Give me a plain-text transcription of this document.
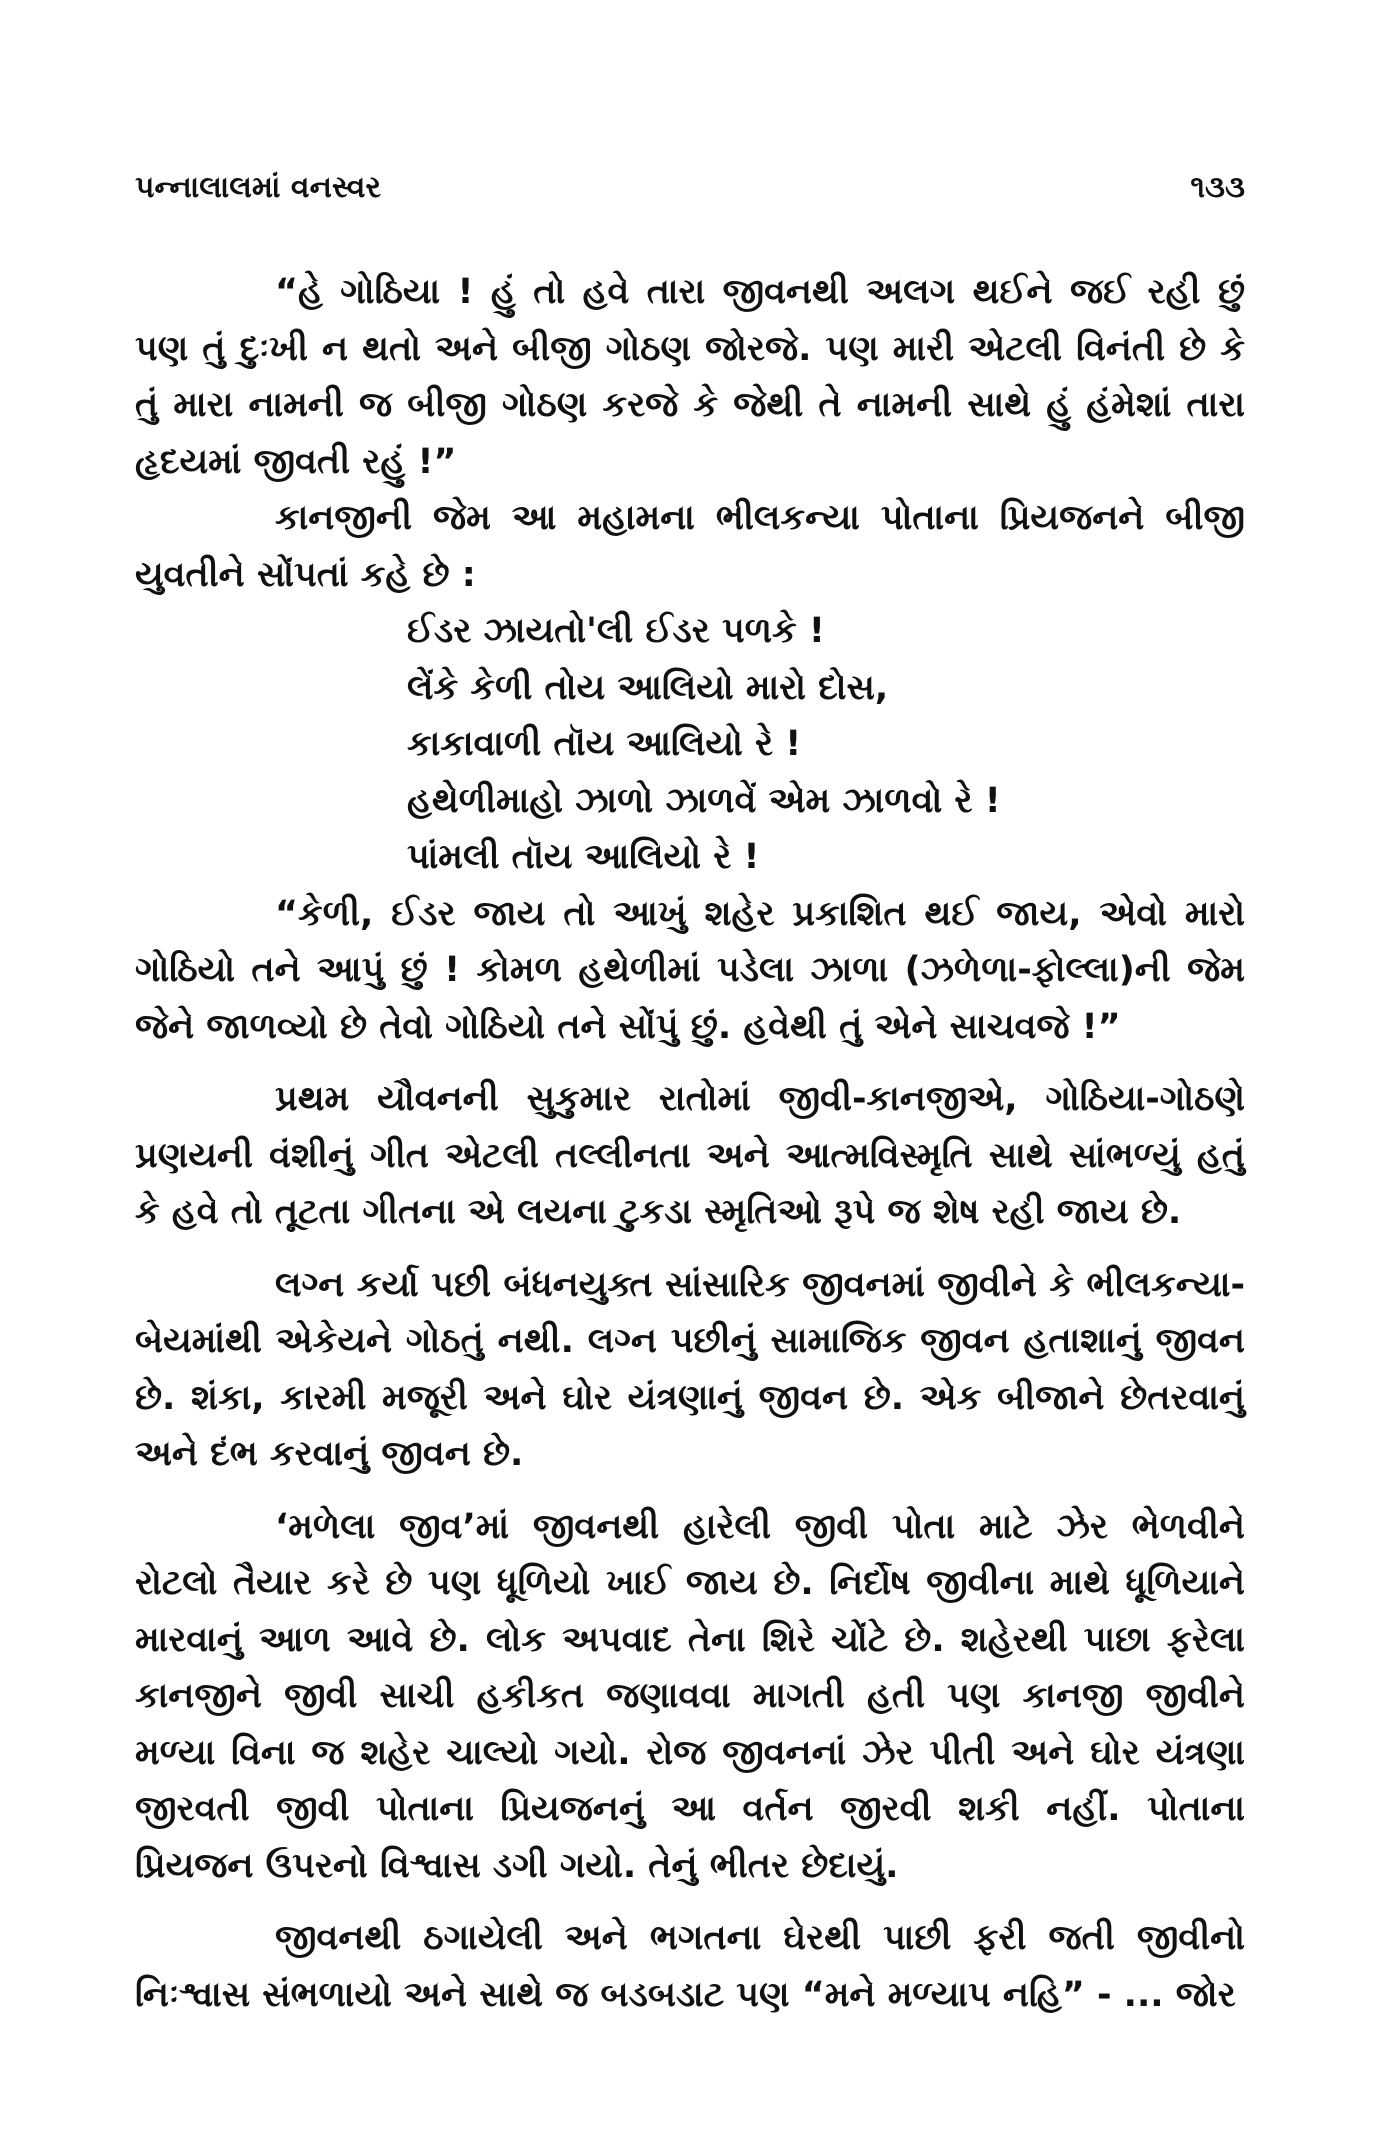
પન્નાલાલમાં વનસ્વર	૧૩૩

“હે ગોઠિયા ! હું તો હવે તારા જીવનથી અલગ થઈને જઈ રહી છું પણ તું દુઃખી ન થતો અને બીજી ગોઠણ જોરજે. પણ મારી એટલી વિનંતી છે કે તું મારા નામની જ બીજી ગોઠણ કરજે કે જેથી તે નામની સાથે હું હંમેશાં તારા હૃદયમાં જીવતી રહું !”

કાનજીની જેમ આ મહામના ભીલકન્યા પોતાના પ્રિયજનને બીજી યુવતીને સોંપતાં કહે છે :

ઈડર ઝાયતો'લી ઈડર પળકે !
લેંકે કેળી તોય આલિયો મારો દોસ,
કાકાવાળી તૉય આલિયો રે !
હથેળીમાહો ઝાળો ઝાળવેં એમ ઝાળવો રે !
પાંમલી તૉય આલિયો રે !

“કેળી, ઈડર જાય તો આખું શહેર પ્રકાશિત થઈ જાય, એવો મારો ગોઠિયો તને આપું છું ! કોમળ હથેળીમાં પડેલા ઝાળા (ઝળેળા-ફોલ્લા)ની જેમ જેને જાળવ્યો છે તેવો ગોઠિયો તને સોંપું છું. હવેથી તું એને સાચવજે !”

પ્રથમ યૌવનની સુકુમાર રાતોમાં જીવી-કાનજીએ, ગોઠિયા-ગોઠણે પ્રણયની વંશીનું ગીત એટલી તલ્લીનતા અને આત્મવિસ્મૃતિ સાથે સાંભળ્યું હતું કે હવે તો તૂટતા ગીતના એ લયના ટુકડા સ્મૃતિઓ રૂપે જ શેષ રહી જાય છે.

લગ્ન કર્યા પછી બંધનયુક્ત સાંસારિક જીવનમાં જીવીને કે ભીલકન્યા-બેયમાંથી એકેયને ગોઠતું નથી. લગ્ન પછીનું સામાજિક જીવન હતાશાનું જીવન છે. શંકા, કારમી મજૂરી અને ઘોર યંત્રણાનું જીવન છે. એક બીજાને છેતરવાનું અને દંભ કરવાનું જીવન છે.

‘મળેલા જીવ’માં જીવનથી હારેલી જીવી પોતા માટે ઝેર ભેળવીને રોટલો તૈયાર કરે છે પણ ધૂળિયો ખાઈ જાય છે. નિર્દોષ જીવીના માથે ધૂળિયાને મારવાનું આળ આવે છે. લોક અપવાદ તેના શિરે ચોંટે છે. શહેરથી પાછા ફરેલા કાનજીને જીવી સાચી હકીકત જણાવવા માગતી હતી પણ કાનજી જીવીને મળ્યા વિના જ શહેર ચાલ્યો ગયો. રોજ જીવનનાં ઝેર પીતી અને ઘોર યંત્રણા જીરવતી જીવી પોતાના પ્રિયજનનું આ વર્તન જીરવી શકી નહીં. પોતાના પ્રિયજન ઉપરનો વિશ્વાસ ડગી ગયો. તેનું ભીતર છેદાયું.

જીવનથી ઠગાયેલી અને ભગતના ઘેરથી પાછી ફરી જતી જીવીનો નિઃશ્વાસ સંભળાયો અને સાથે જ બડબડાટ પણ “મને મળ્યાપ નહિ” - ... જોર
